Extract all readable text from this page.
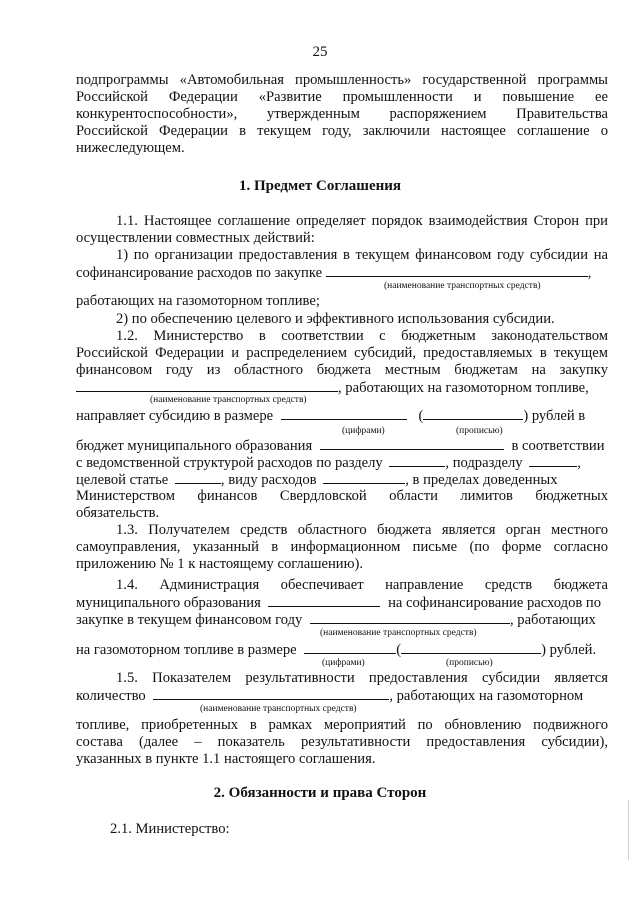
25
подпрограммы «Автомобильная промышленность» государственной программы
Российской Федерации «Развитие промышленности и повышение ее
конкурентоспособности», утвержденным распоряжением Правительства
Российской Федерации в текущем году, заключили настоящее соглашение о
нижеследующем.
1. Предмет Соглашения
1.1. Настоящее соглашение определяет порядок взаимодействия Сторон при
осуществлении совместных действий:
1) по организации предоставления в текущем финансовом году субсидии на
софинансирование расходов по закупке	,
(наименование транспортных средств)
работающих на газомоторном топливе;
2) по обеспечению целевого и эффективного использования субсидии.
1.2. Министерство в соответствии с бюджетным законодательством
Российской Федерации и распределением субсидий, предоставляемых в текущем
финансовом году из областного бюджета местным бюджетам на закупку
, работающих на газомоторном топливе,
(наименование транспортных средств)
направляет субсидию в размере	(	) рублей в
(цифрами)	(прописью)
бюджет муниципального образования	в соответствии
с ведомственной структурой расходов по разделу	, подразделу	,
целевой статье	, виду расходов	, в пределах доведенных
Министерством финансов Свердловской области лимитов бюджетных
обязательств.
1.3. Получателем средств областного бюджета является орган местного
самоуправления, указанный в информационном письме (по форме согласно
приложению № 1 к настоящему соглашению).
1.4. Администрация обеспечивает направление средств бюджета
муниципального образования	на софинансирование расходов по
закупке в текущем финансовом году	, работающих
(наименование транспортных средств)
на газомоторном топливе в размере	(	) рублей.
(цифрами)	(прописью)
1.5. Показателем результативности предоставления субсидии является
количество	, работающих на газомоторном
(наименование транспортных средств)
топливе, приобретенных в рамках мероприятий по обновлению подвижного
состава (далее – показатель результативности предоставления субсидии),
указанных в пункте 1.1 настоящего соглашения.
2. Обязанности и права Сторон
2.1. Министерство:
